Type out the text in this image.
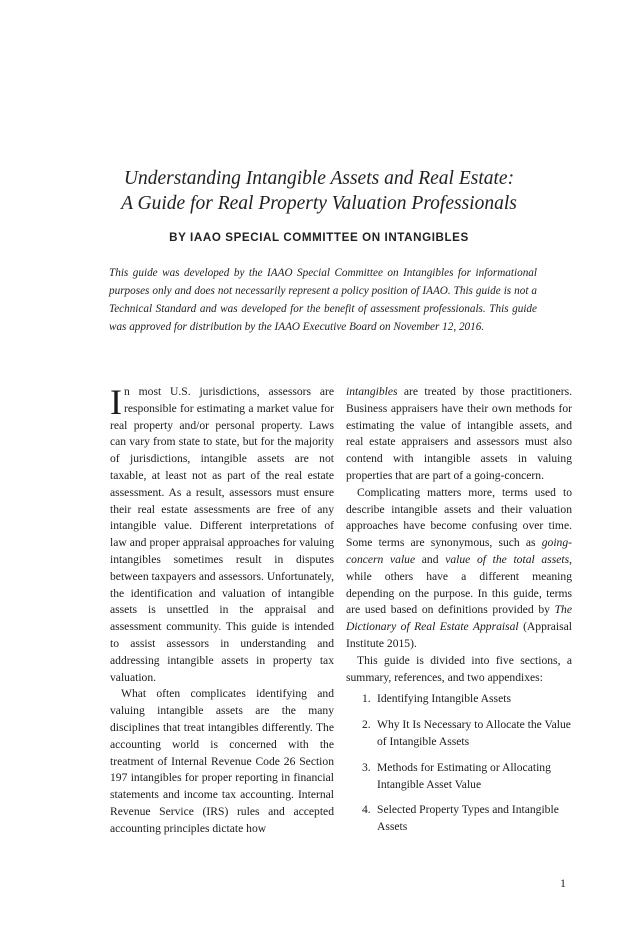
Understanding Intangible Assets and Real Estate:
A Guide for Real Property Valuation Professionals
BY IAAO SPECIAL COMMITTEE ON INTANGIBLES
This guide was developed by the IAAO Special Committee on Intangibles for informational purposes only and does not necessarily represent a policy position of IAAO. This guide is not a Technical Standard and was developed for the benefit of assessment professionals. This guide was approved for distribution by the IAAO Executive Board on November 12, 2016.

In most U.S. jurisdictions, assessors are responsible for estimating a market value for real property and/or personal property. Laws can vary from state to state, but for the majority of jurisdictions, intangible assets are not taxable, at least not as part of the real estate assessment. As a result, assessors must ensure their real estate assessments are free of any intangible value. Different interpretations of law and proper appraisal approaches for valuing intangibles sometimes result in disputes between taxpayers and assessors. Unfortunately, the identification and valuation of intangible assets is unsettled in the appraisal and assessment community. This guide is intended to assist assessors in understanding and addressing intangible assets in property tax valuation.

What often complicates identifying and valuing intangible assets are the many disciplines that treat intangibles differently. The accounting world is concerned with the treatment of Internal Revenue Code 26 Section 197 intangibles for proper reporting in financial statements and income tax accounting. Internal Revenue Service (IRS) rules and accepted accounting principles dictate how

intangibles are treated by those practitioners. Business appraisers have their own methods for estimating the value of intangible assets, and real estate appraisers and assessors must also contend with intangible assets in valuing properties that are part of a going-concern.

Complicating matters more, terms used to describe intangible assets and their valuation approaches have become confusing over time. Some terms are synonymous, such as going-concern value and value of the total assets, while others have a different meaning depending on the purpose. In this guide, terms are used based on definitions provided by The Dictionary of Real Estate Appraisal (Appraisal Institute 2015).

This guide is divided into five sections, a summary, references, and two appendixes:

1. Identifying Intangible Assets
2. Why It Is Necessary to Allocate the Value of Intangible Assets
3. Methods for Estimating or Allocating Intangible Asset Value
4. Selected Property Types and Intangible Assets
1
